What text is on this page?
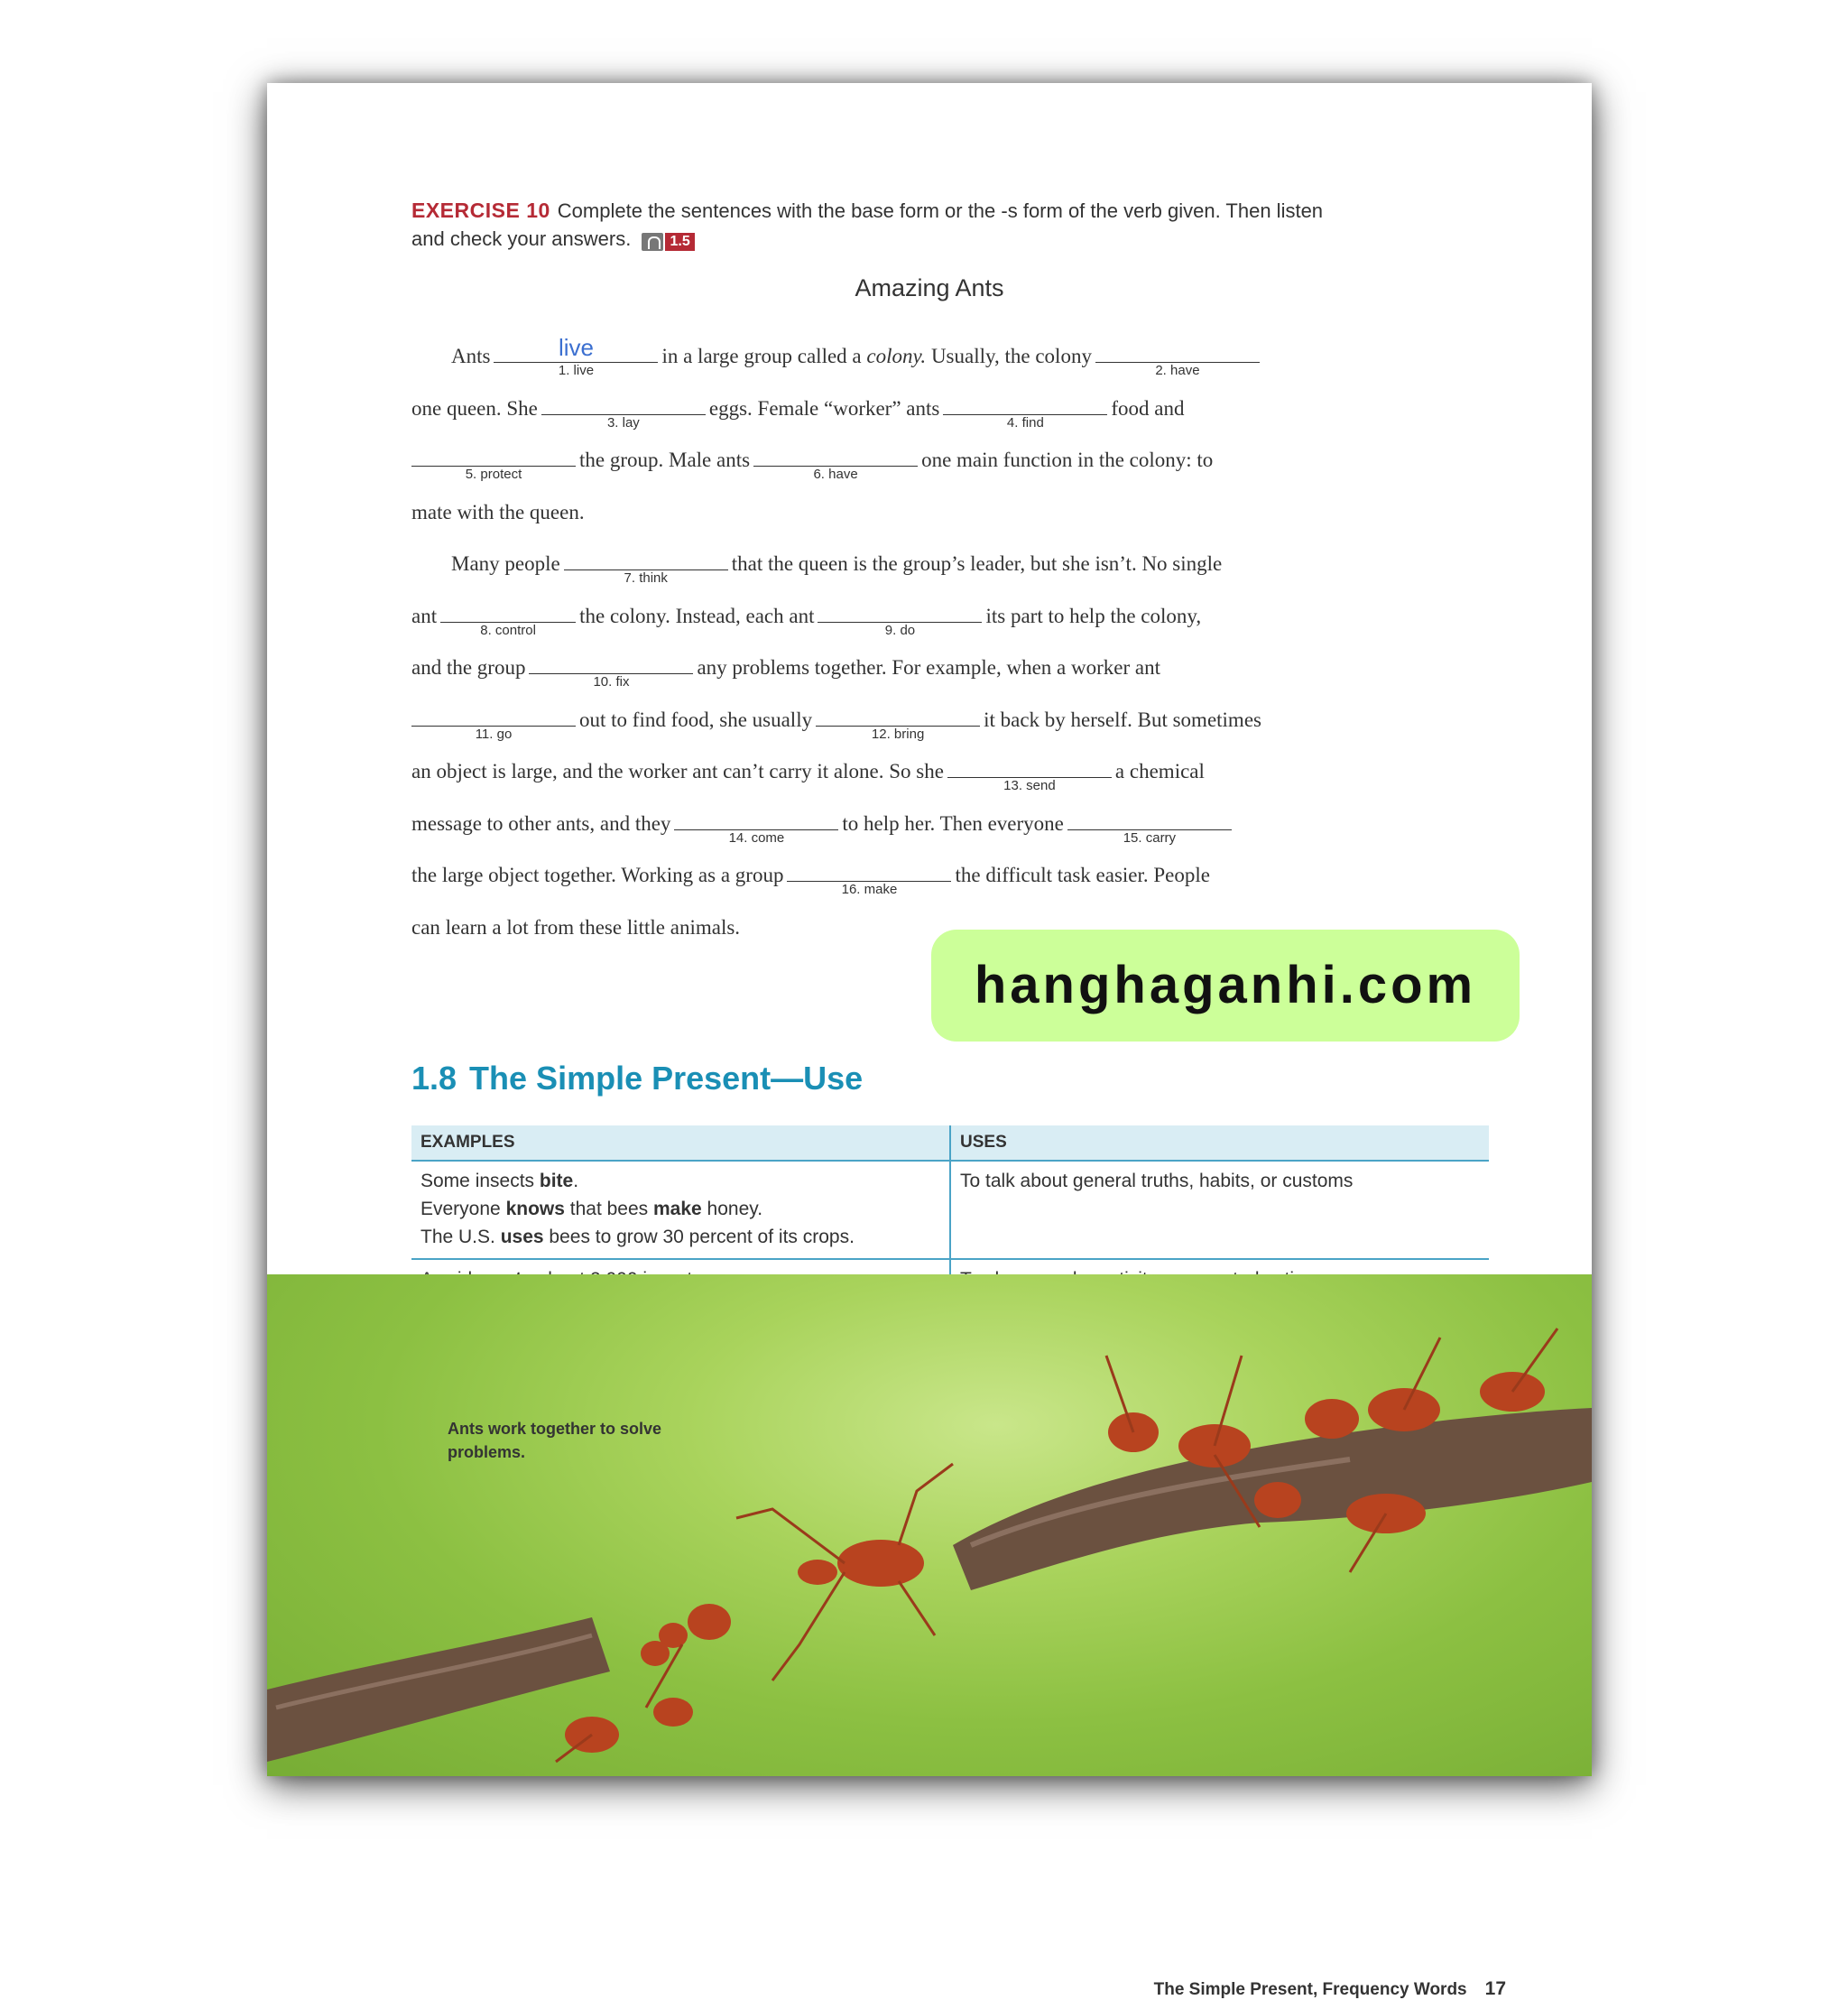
EXERCISE 10 Complete the sentences with the base form or the -s form of the verb given. Then listen and check your answers.	1.5
Amazing Ants

Ants	live
1. live
in a large group called a colony. Usually, the colony
2. have

one queen. She
3. lay
eggs. Female “worker” ants
4. find
food and

5. protect
the group. Male ants
6. have
one main function in the colony: to
mate with the queen.

Many people
7. think
that the queen is the group’s leader, but she isn’t. No single
ant
8. control
the colony. Instead, each ant
9. do
its part to help the colony,
and the group
10. fix
any problems together. For example, when a worker ant

11. go
out to find food, she usually
12. bring
it back by herself. But sometimes
an object is large, and the worker ant can’t carry it alone. So she
13. send
a chemical
message to other ants, and they
14. come
to help her. Then everyone
15. carry

the large object together. Working as a group
16. make
the difficult task easier. People
can learn a lot from these little animals.

1.8 The Simple Present—Use
EXAMPLES	USES

Some insects bite.
Everyone knows that bees make honey.
The U.S. uses bees to grow 30 percent of its crops.	To talk about general truths, habits, or customs

Ants work together to solve problems.
The Simple Present, Frequency Words 17
hanghaganhi.com
